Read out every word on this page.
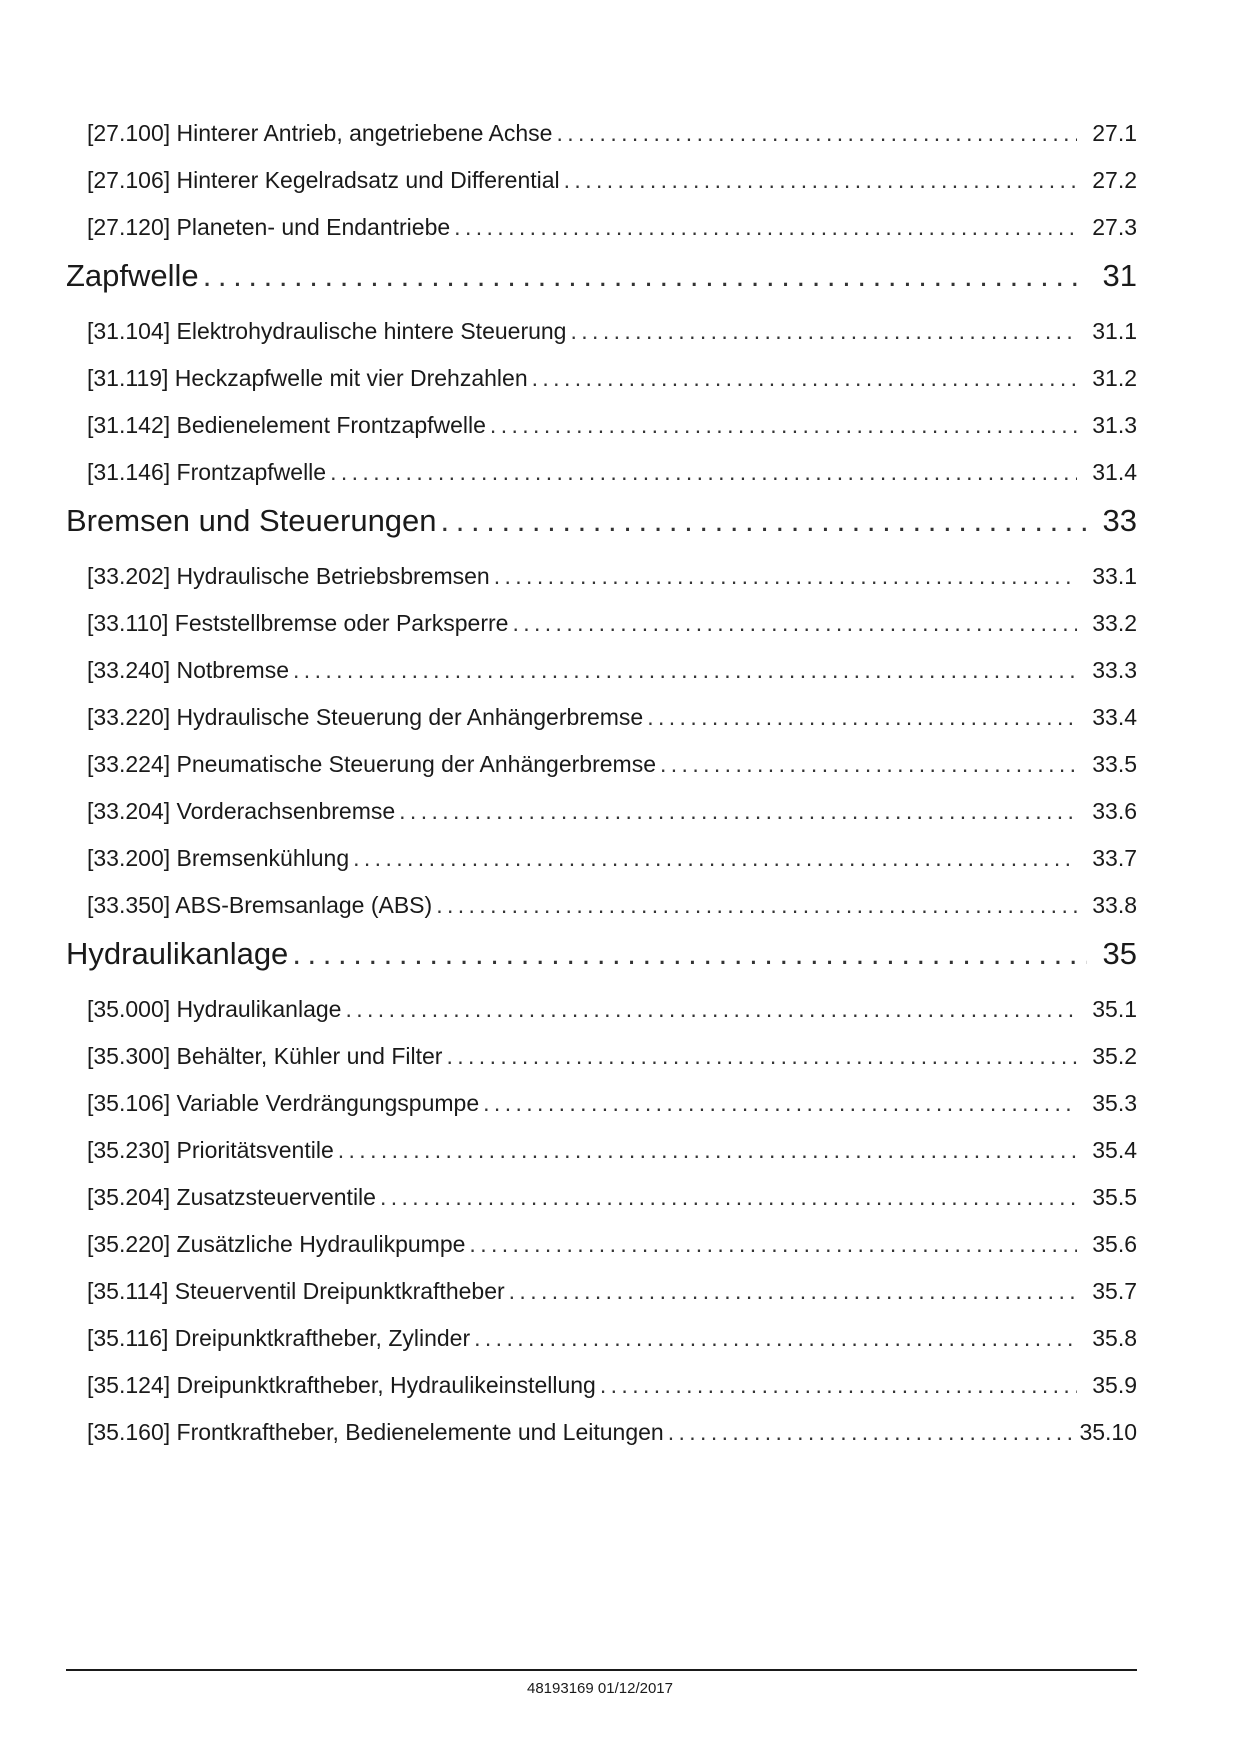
[27.100] Hinterer Antrieb, angetriebene Achse . . .	27.1
[27.106] Hinterer Kegelradsatz und Differential . . .	27.2
[27.120] Planeten- und Endantriebe . . .	27.3
Zapfwelle . . .	31
[31.104] Elektrohydraulische hintere Steuerung . . .	31.1
[31.119] Heckzapfwelle mit vier Drehzahlen . . .	31.2
[31.142] Bedienelement Frontzapfwelle . . .	31.3
[31.146] Frontzapfwelle . . .	31.4
Bremsen und Steuerungen . . .	33
[33.202] Hydraulische Betriebsbremsen . . .	33.1
[33.110] Feststellbremse oder Parksperre . . .	33.2
[33.240] Notbremse . . .	33.3
[33.220] Hydraulische Steuerung der Anhängerbremse . . .	33.4
[33.224] Pneumatische Steuerung der Anhängerbremse . . .	33.5
[33.204] Vorderachsenbremse . . .	33.6
[33.200] Bremsenkühlung . . .	33.7
[33.350] ABS-Bremsanlage (ABS) . . .	33.8
Hydraulikanlage . . .	35
[35.000] Hydraulikanlage . . .	35.1
[35.300] Behälter, Kühler und Filter . . .	35.2
[35.106] Variable Verdrängungspumpe . . .	35.3
[35.230] Prioritätsventile . . .	35.4
[35.204] Zusatzsteuerventile . . .	35.5
[35.220] Zusätzliche Hydraulikpumpe . . .	35.6
[35.114] Steuerventil Dreipunktkraftheber . . .	35.7
[35.116] Dreipunktkraftheber, Zylinder . . .	35.8
[35.124] Dreipunktkraftheber, Hydraulikeinstellung . . .	35.9
[35.160] Frontkraftheber, Bedienelemente und Leitungen . . .	35.10
48193169 01/12/2017
